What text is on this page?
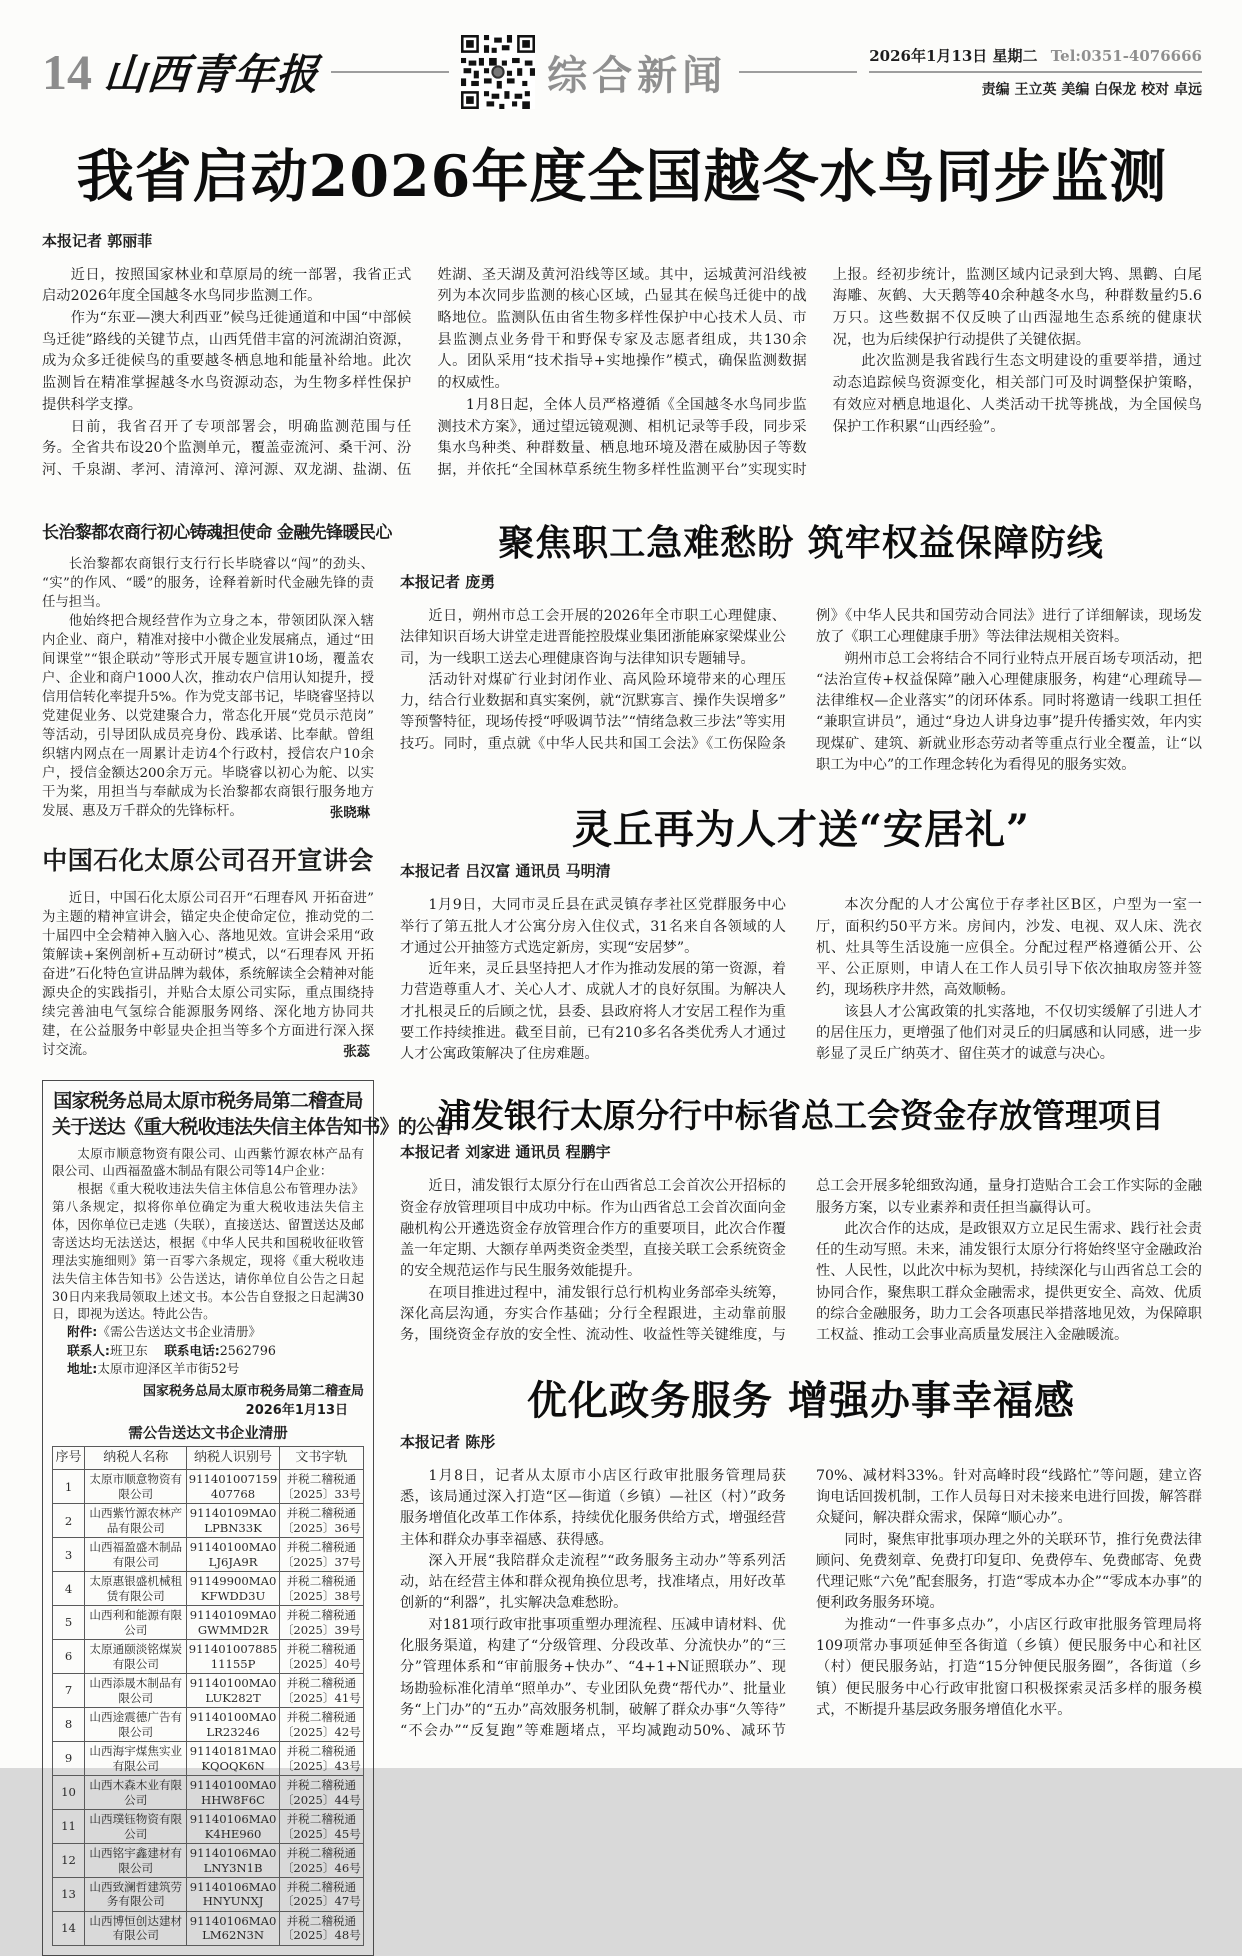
14 山西青年报	综合新闻	2026年1月13日 星期二 Tel:0351-4076666
责编 王立英 美编 白保龙 校对 卓远
我省启动2026年度全国越冬水鸟同步监测
本报记者 郭丽菲

近日，按照国家林业和草原局的统一部署，我省正式启动2026年度全国越冬水鸟同步监测工作。

作为“东亚—澳大利西亚”候鸟迁徙通道和中国“中部候鸟迁徙”路线的关键节点，山西凭借丰富的河流湖泊资源，成为众多迁徙候鸟的重要越冬栖息地和能量补给地。此次监测旨在精准掌握越冬水鸟资源动态，为生物多样性保护提供科学支撑。

日前，我省召开了专项部署会，明确监测范围与任务。全省共布设20个监测单元，覆盖壶流河、桑干河、汾河、千泉湖、孝河、清漳河、漳河源、双龙湖、盐湖、伍姓湖、圣天湖及黄河沿线等区域。其中，运城黄河沿线被列为本次同步监测的核心区域，凸显其在候鸟迁徙中的战略地位。监测队伍由省生物多样性保护中心技术人员、市县监测点业务骨干和野保专家及志愿者组成，共130余人。团队采用“技术指导+实地操作”模式，确保监测数据的权威性。

1月8日起，全体人员严格遵循《全国越冬水鸟同步监测技术方案》，通过望远镜观测、相机记录等手段，同步采集水鸟种类、种群数量、栖息地环境及潜在威胁因子等数据，并依托“全国林草系统生物多样性监测平台”实现实时上报。经初步统计，监测区域内记录到大鸨、黑鹳、白尾海雕、灰鹤、大天鹅等40余种越冬水鸟，种群数量约5.6万只。这些数据不仅反映了山西湿地生态系统的健康状况，也为后续保护行动提供了关键依据。

此次监测是我省践行生态文明建设的重要举措，通过动态追踪候鸟资源变化，相关部门可及时调整保护策略，有效应对栖息地退化、人类活动干扰等挑战，为全国候鸟保护工作积累“山西经验”。

长治黎都农商行初心铸魂担使命 金融先锋暖民心

长治黎都农商银行支行行长毕晓睿以“闯”的劲头、“实”的作风、“暖”的服务，诠释着新时代金融先锋的责任与担当。

他始终把合规经营作为立身之本，带领团队深入辖内企业、商户，精准对接中小微企业发展痛点，通过“田间课堂”“银企联动”等形式开展专题宣讲10场，覆盖农户、企业和商户1000人次，推动农户信用认知提升，授信用信转化率提升5%。作为党支部书记，毕晓睿坚持以党建促业务、以党建聚合力，常态化开展“党员示范岗”等活动，引导团队成员亮身份、践承诺、比奉献。曾组织辖内网点在一周累计走访4个行政村，授信农户10余户，授信金额达200余万元。毕晓睿以初心为舵、以实干为桨，用担当与奉献成为长治黎都农商银行服务地方发展、惠及万千群众的先锋标杆。	张晓琳
中国石化太原公司召开宣讲会

近日，中国石化太原公司召开“石理春风 开拓奋进”为主题的精神宣讲会，锚定央企使命定位，推动党的二十届四中全会精神入脑入心、落地见效。宣讲会采用“政策解读+案例剖析+互动研讨”模式，以“石理春风 开拓奋进”石化特色宣讲品牌为载体，系统解读全会精神对能源央企的实践指引，并贴合太原公司实际，重点围绕持续完善油电气氢综合能源服务网络、深化地方协同共建，在公益服务中彰显央企担当等多个方面进行深入探讨交流。	张蕊
国家税务总局太原市税务局第二稽查局
关于送达《重大税收违法失信主体告知书》的公告

太原市顺意物资有限公司、山西紫竹源农林产品有限公司、山西福盈盛木制品有限公司等14户企业：

根据《重大税收违法失信主体信息公布管理办法》第八条规定，拟将你单位确定为重大税收违法失信主体，因你单位已走逃（失联），直接送达、留置送达及邮寄送达均无法送达，根据《中华人民共和国税收征收管理法实施细则》第一百零六条规定，现将《重大税收违法失信主体告知书》公告送达，请你单位自公告之日起30日内来我局领取上述文书。本公告自登报之日起满30日，即视为送达。特此公告。

附件:《需公告送达文书企业清册》
联系人:班卫东 　 联系电话:2562796
地址:太原市迎泽区羊市街52号
国家税务总局太原市税务局第二稽查局
2026年1月13日
需公告送达文书企业清册
序号	纳税人名称	纳税人识别号	文书字轨
1	太原市顺意物资有限公司	911401007159407768	并税二稽税通〔2025〕33号
2	山西紫竹源农林产品有限公司	91140109MA0LPBN33K	并税二稽税通〔2025〕36号
3	山西福盈盛木制品有限公司	91140100MA0LJ6JA9R	并税二稽税通〔2025〕37号
4	太原惠银盛机械租赁有限公司	91149900MA0KFWDD3U	并税二稽税通〔2025〕38号
5	山西利和能源有限公司	91140109MA0GWMMD2R	并税二稽税通〔2025〕39号
6	太原通颐淡铭煤炭有限公司	91140100788511155P	并税二稽税通〔2025〕40号
7	山西添晟木制品有限公司	91140100MA0LUK282T	并税二稽税通〔2025〕41号
8	山西途震德广告有限公司	91140100MA0LR23246	并税二稽税通〔2025〕42号
9	山西海宇煤焦实业有限公司	91140181MA0KQOQK6N	并税二稽税通〔2025〕43号
10	山西木森木业有限公司	91140100MA0HHW8F6C	并税二稽税通〔2025〕44号
11	山西璞钰物资有限公司	91140106MA0K4HE960	并税二稽税通〔2025〕45号
12	山西铭宇鑫建材有限公司	91140106MA0LNY3N1B	并税二稽税通〔2025〕46号
13	山西致澜哲建筑劳务有限公司	91140106MA0HNYUNXJ	并税二稽税通〔2025〕47号
14	山西博恒创达建材有限公司	91140106MA0LM62N3N	并税二稽税通〔2025〕48号
聚焦职工急难愁盼 筑牢权益保障防线
本报记者 庞勇

近日，朔州市总工会开展的2026年全市职工心理健康、法律知识百场大讲堂走进晋能控股煤业集团浙能麻家梁煤业公司，为一线职工送去心理健康咨询与法律知识专题辅导。

活动针对煤矿行业封闭作业、高风险环境带来的心理压力，结合行业数据和真实案例，就“沉默寡言、操作失误增多”等预警特征，现场传授“呼吸调节法”“情绪急救三步法”等实用技巧。同时，重点就《中华人民共和国工会法》《工伤保险条例》《中华人民共和国劳动合同法》进行了详细解读，现场发放了《职工心理健康手册》等法律法规相关资料。

朔州市总工会将结合不同行业特点开展百场专项活动，把“法治宣传+权益保障”融入心理健康服务，构建“心理疏导—法律维权—企业落实”的闭环体系。同时将邀请一线职工担任“兼职宣讲员”，通过“身边人讲身边事”提升传播实效，年内实现煤矿、建筑、新就业形态劳动者等重点行业全覆盖，让“以职工为中心”的工作理念转化为看得见的服务实效。

灵丘再为人才送“安居礼”
本报记者 吕汉富 通讯员 马明清

1月9日，大同市灵丘县在武灵镇存孝社区党群服务中心举行了第五批人才公寓分房入住仪式，31名来自各领域的人才通过公开抽签方式选定新房，实现“安居梦”。

近年来，灵丘县坚持把人才作为推动发展的第一资源，着力营造尊重人才、关心人才、成就人才的良好氛围。为解决人才扎根灵丘的后顾之忧，县委、县政府将人才安居工程作为重要工作持续推进。截至目前，已有210多名各类优秀人才通过人才公寓政策解决了住房难题。

本次分配的人才公寓位于存孝社区B区，户型为一室一厅，面积约50平方米。房间内，沙发、电视、双人床、洗衣机、灶具等生活设施一应俱全。分配过程严格遵循公开、公平、公正原则，申请人在工作人员引导下依次抽取房签并签约，现场秩序井然，高效顺畅。

该县人才公寓政策的扎实落地，不仅切实缓解了引进人才的居住压力，更增强了他们对灵丘的归属感和认同感，进一步彰显了灵丘广纳英才、留住英才的诚意与决心。

浦发银行太原分行中标省总工会资金存放管理项目
本报记者 刘家进 通讯员 程鹏宇

近日，浦发银行太原分行在山西省总工会首次公开招标的资金存放管理项目中成功中标。作为山西省总工会首次面向金融机构公开遴选资金存放管理合作方的重要项目，此次合作覆盖一年定期、大额存单两类资金类型，直接关联工会系统资金的安全规范运作与民生服务效能提升。

在项目推进过程中，浦发银行总行机构业务部牵头统筹，深化高层沟通，夯实合作基础；分行全程跟进，主动靠前服务，围绕资金存放的安全性、流动性、收益性等关键维度，与总工会开展多轮细致沟通，量身打造贴合工会工作实际的金融服务方案，以专业素养和责任担当赢得认可。

此次合作的达成，是政银双方立足民生需求、践行社会责任的生动写照。未来，浦发银行太原分行将始终坚守金融政治性、人民性，以此次中标为契机，持续深化与山西省总工会的协同合作，聚焦职工群众金融需求，提供更安全、高效、优质的综合金融服务，助力工会各项惠民举措落地见效，为保障职工权益、推动工会事业高质量发展注入金融暖流。

优化政务服务 增强办事幸福感
本报记者 陈彤

1月8日，记者从太原市小店区行政审批服务管理局获悉，该局通过深入打造“区—街道（乡镇）—社区（村）”政务服务增值化改革工作体系，持续优化服务供给方式，增强经营主体和群众办事幸福感、获得感。

深入开展“我陪群众走流程”“政务服务主动办”等系列活动，站在经营主体和群众视角换位思考，找准堵点，用好改革创新的“利器”，扎实解决急难愁盼。

对181项行政审批事项重塑办理流程、压减申请材料、优化服务渠道，构建了“分级管理、分段改革、分流快办”的“三分”管理体系和“审前服务+快办”、“4+1+N证照联办”、现场勘验标准化清单“照单办”、专业团队免费“帮代办”、批量业务“上门办”的“五办”高效服务机制，破解了群众办事“久等待”“不会办”“反复跑”等难题堵点，平均减跑动50%、减环节70%、减材料33%。针对高峰时段“线路忙”等问题，建立咨询电话回拨机制，工作人员每日对未接来电进行回拨，解答群众疑问，解决群众需求，保障“顺心办”。

同时，聚焦审批事项办理之外的关联环节，推行免费法律顾问、免费刻章、免费打印复印、免费停车、免费邮寄、免费代理记账“六免”配套服务，打造“零成本办企”“零成本办事”的便利政务服务环境。

为推动“一件事多点办”，小店区行政审批服务管理局将109项常办事项延伸至各街道（乡镇）便民服务中心和社区（村）便民服务站，打造“15分钟便民服务圈”，各街道（乡镇）便民服务中心行政审批窗口积极探索灵活多样的服务模式，不断提升基层政务服务增值化水平。
